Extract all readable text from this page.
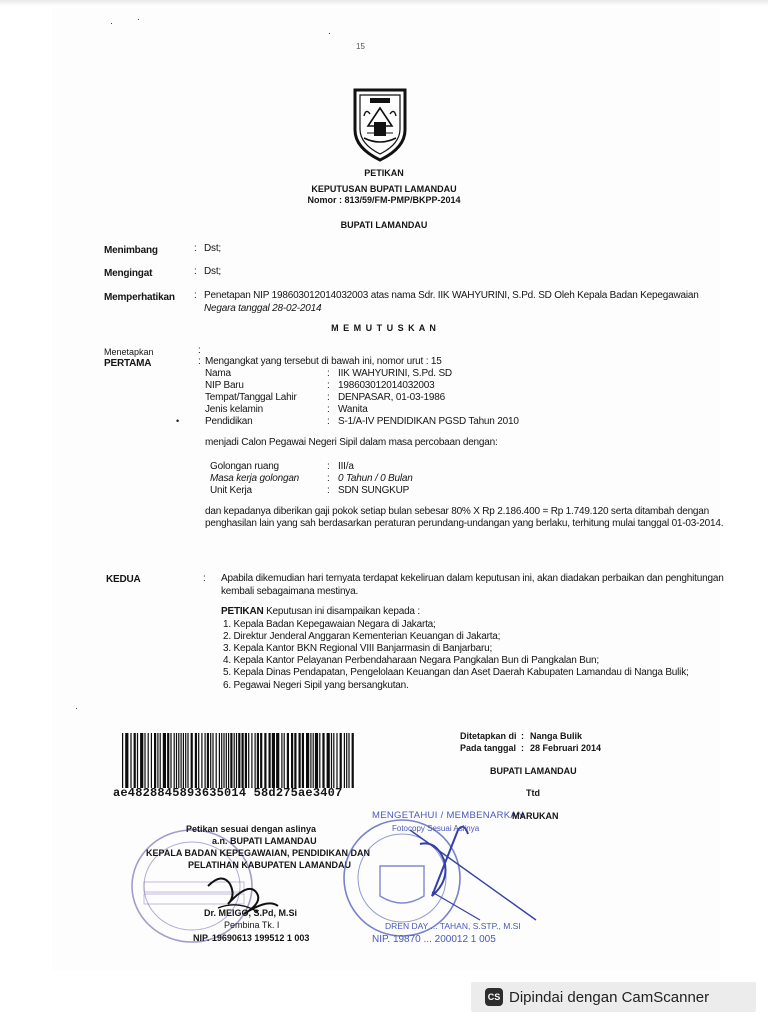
·	·
·
15
PETIKAN
KEPUTUSAN BUPATI LAMANDAU
Nomor : 813/59/FM-PMP/BKPP-2014
BUPATI LAMANDAU
Menimbang	: Dst;
Mengingat	: Dst;
Memperhatikan : Penetapan NIP 198603012014032003 atas nama Sdr. IIK WAHYURINI, S.Pd. SD Oleh Kepala Badan Kepegawaian
Negara tanggal 28-02-2014
M E M U T U S K A N
Menetapkan
PERTAMA
:
: Mengangkat yang tersebut di bawah ini, nomor urut : 15
Nama	: IIK WAHYURINI, S.Pd. SD
NIP Baru	: 198603012014032003
Tempat/Tanggal Lahir	: DENPASAR, 01-03-1986
Jenis kelamin	: Wanita
•	Pendidikan	: S-1/A-IV PENDIDIKAN PGSD Tahun 2010
menjadi Calon Pegawai Negeri Sipil dalam masa percobaan dengan:
Golongan ruang	: III/a
Masa kerja golongan	: 0 Tahun / 0 Bulan
Unit Kerja	: SDN SUNGKUP
dan kepadanya diberikan gaji pokok setiap bulan sebesar 80% X Rp 2.186.400 = Rp 1.749.120 serta ditambah dengan
penghasilan lain yang sah berdasarkan peraturan perundang-undangan yang berlaku, terhitung mulai tanggal 01-03-2014.
KEDUA	: Apabila dikemudian hari ternyata terdapat kekeliruan dalam keputusan ini, akan diadakan perbaikan dan penghitungan
kembali sebagaimana mestinya.
PETIKAN Keputusan ini disampaikan kepada :
1. Kepala Badan Kepegawaian Negara di Jakarta;
2. Direktur Jenderal Anggaran Kementerian Keuangan di Jakarta;
3. Kepala Kantor BKN Regional VIII Banjarmasin di Banjarbaru;
4. Kepala Kantor Pelayanan Perbendaharaan Negara Pangkalan Bun di Pangkalan Bun;
5. Kepala Dinas Pendapatan, Pengelolaan Keuangan dan Aset Daerah Kabupaten Lamandau di Nanga Bulik;
6. Pegawai Negeri Sipil yang bersangkutan.
·
ae4828845893635014 58d275ae3407
Ditetapkan di : Nanga Bulik
Pada tanggal : 28 Februari 2014
BUPATI LAMANDAU
Ttd
Petikan sesuai dengan aslinya
a.n. BUPATI LAMANDAU
KEPALA BADAN KEPEGAWAIAN, PENDIDIKAN DAN
PELATIHAN KABUPATEN LAMANDAU
Dr. MEIGO, S.Pd, M.Si
Pembina Tk. I
NIP. 19690613 199512 1 003
MENGETAHUI / MEMBENARKAN
MARUKAN
Fotocopy Sesuai Aslinya
DREN DAY ... TAHAN, S.STP., M.SI
NIP. 19870 ... 200012 1 005
CS Dipindai dengan CamScanner
